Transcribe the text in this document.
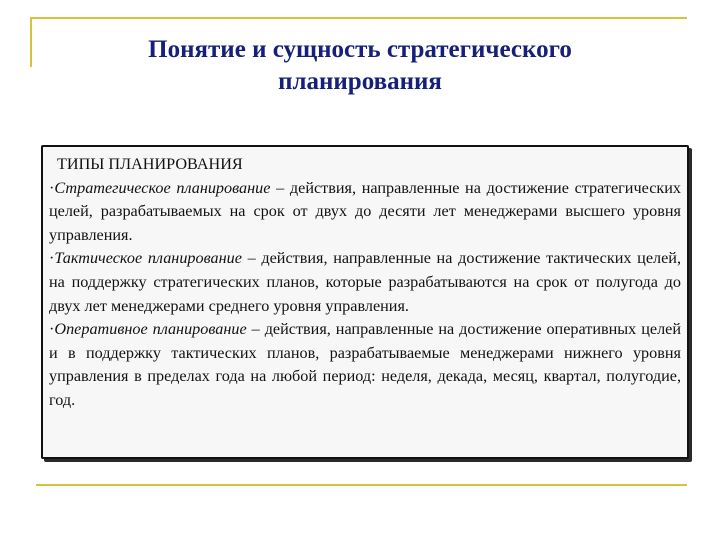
Понятие и сущность стратегического
планирования
ТИПЫ ПЛАНИРОВАНИЯ
·Стратегическое планирование – действия, направленные на достижение стратегических целей, разрабатываемых на срок от двух до десяти лет менеджерами высшего уровня управления.
·Тактическое планирование – действия, направленные на достижение тактических целей, на поддержку стратегических планов, которые разрабатываются на срок от полугода до двух лет менеджерами среднего уровня управления.
·Оперативное планирование – действия, направленные на достижение оперативных целей и в поддержку тактических планов, разрабатываемые менеджерами нижнего уровня управления в пределах года на любой период: неделя, декада, месяц, квартал, полугодие, год.
